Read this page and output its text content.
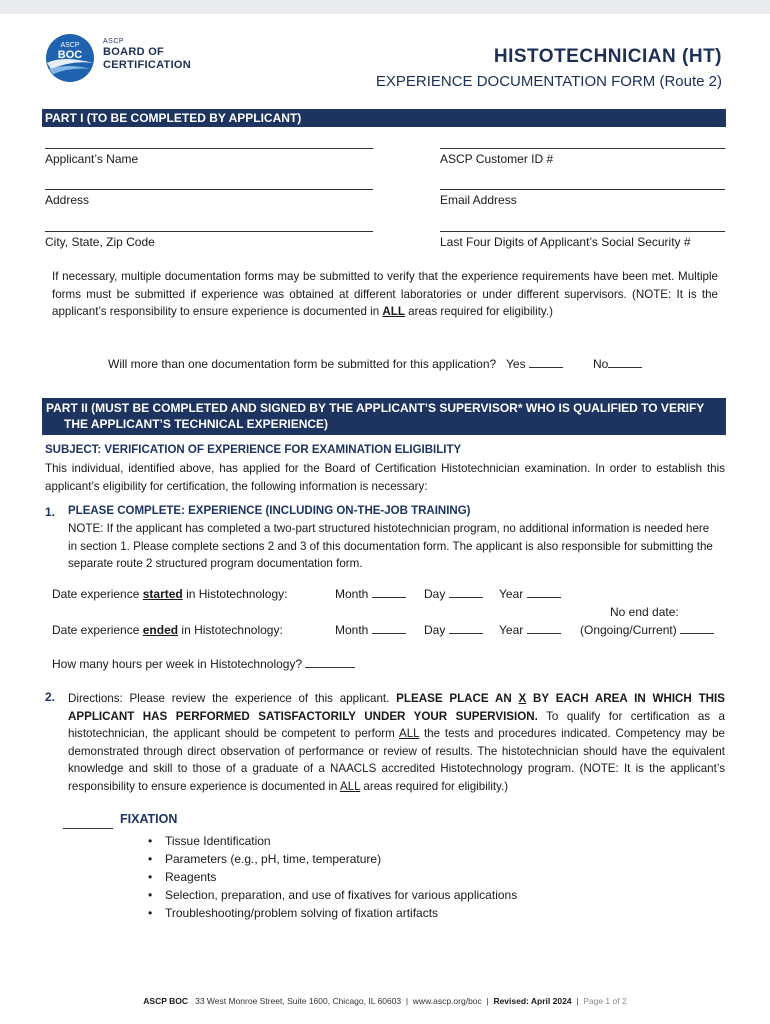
ASCP
BOC
ASCP
BOARD OF
CERTIFICATION	HISTOTECHNICIAN (HT)
EXPERIENCE DOCUMENTATION FORM (Route 2)
PART I (TO BE COMPLETED BY APPLICANT)
Applicant’s Name	ASCP Customer ID #
Address	Email Address
City, State, Zip Code	Last Four Digits of Applicant’s Social Security #
If necessary, multiple documentation forms may be submitted to verify that the experience requirements have been met. Multiple forms must be submitted if experience was obtained at different laboratories or under different supervisors. (NOTE: It is the applicant’s responsibility to ensure experience is documented in ALL areas required for eligibility.)
Will more than one documentation form be submitted for this application? Yes	No
PART II (MUST BE COMPLETED AND SIGNED BY THE APPLICANT’S SUPERVISOR* WHO IS QUALIFIED TO VERIFY
THE APPLICANT’S TECHNICAL EXPERIENCE)
SUBJECT: VERIFICATION OF EXPERIENCE FOR EXAMINATION ELIGIBILITY
This individual, identified above, has applied for the Board of Certification Histotechnician examination. In order to establish this applicant’s eligibility for certification, the following information is necessary:
1. PLEASE COMPLETE: EXPERIENCE (INCLUDING ON-THE-JOB TRAINING)
NOTE: If the applicant has completed a two-part structured histotechnician program, no additional information is needed here in section 1. Please complete sections 2 and 3 of this documentation form. The applicant is also responsible for submitting the separate route 2 structured program documentation form.
Date experience started in Histotechnology:	Month	Day	Year
No end date:
Date experience ended in Histotechnology:	Month	Day	Year	(Ongoing/Current)
How many hours per week in Histotechnology?
2. Directions: Please review the experience of this applicant. PLEASE PLACE AN X BY EACH AREA IN WHICH THIS APPLICANT HAS PERFORMED SATISFACTORILY UNDER YOUR SUPERVISION. To qualify for certification as a histotechnician, the applicant should be competent to perform ALL the tests and procedures indicated. Competency may be demonstrated through direct observation of performance or review of results. The histotechnician should have the equivalent knowledge and skill to those of a graduate of a NAACLS accredited Histotechnology program. (NOTE: It is the applicant’s responsibility to ensure experience is documented in ALL areas required for eligibility.)
FIXATION
• Tissue Identification
• Parameters (e.g., pH, time, temperature)
• Reagents
• Selection, preparation, and use of fixatives for various applications
• Troubleshooting/problem solving of fixation artifacts
ASCP BOC 33 West Monroe Street, Suite 1600, Chicago, IL 60603  |  www.ascp.org/boc  |  Revised: April 2024  |  Page 1 of 2
